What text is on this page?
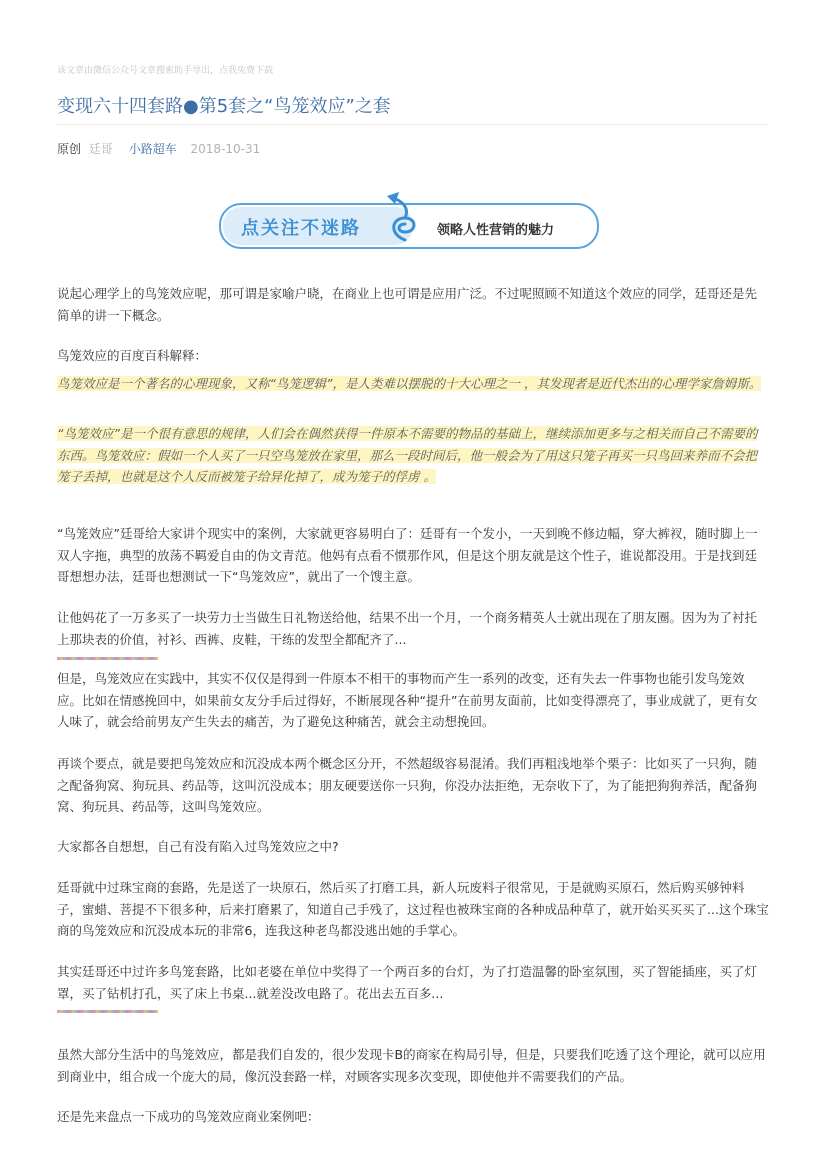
该文章由微信公众号文章搜索助手导出，点我免费下载
变现六十四套路●第5套之“鸟笼效应”之套
原创 廷哥 小路超车 2018-10-31
点关注不迷路	领略人性营销的魅力

说起心理学上的鸟笼效应呢，那可谓是家喻户晓，在商业上也可谓是应用广泛。不过呢照顾不知道这个效应的同学，廷哥还是先简单的讲一下概念。

鸟笼效应的百度百科解释：

鸟笼效应是一个著名的心理现象，又称“鸟笼逻辑”，是人类难以摆脱的十大心理之一 ，其发现者是近代杰出的心理学家詹姆斯。

“鸟笼效应”是一个很有意思的规律，人们会在偶然获得一件原本不需要的物品的基础上，继续添加更多与之相关而自己不需要的东西。鸟笼效应：假如一个人买了一只空鸟笼放在家里，那么一段时间后，他一般会为了用这只笼子再买一只鸟回来养而不会把笼子丢掉，也就是这个人反而被笼子给异化掉了，成为笼子的俘虏 。

“鸟笼效应”廷哥给大家讲个现实中的案例，大家就更容易明白了：廷哥有一个发小，一天到晚不修边幅，穿大裤衩，随时脚上一双人字拖，典型的放荡不羁爱自由的伪文青范。他妈有点看不惯那作风，但是这个朋友就是这个性子，谁说都没用。于是找到廷哥想想办法，廷哥也想测试一下“鸟笼效应”，就出了一个馊主意。

让他妈花了一万多买了一块劳力士当做生日礼物送给他，结果不出一个月，一个商务精英人士就出现在了朋友圈。因为为了衬托上那块表的价值，衬衫、西裤、皮鞋，干练的发型全都配齐了...

但是，鸟笼效应在实践中，其实不仅仅是得到一件原本不相干的事物而产生一系列的改变，还有失去一件事物也能引发鸟笼效应。比如在情感挽回中，如果前女友分手后过得好，不断展现各种“提升”在前男友面前，比如变得漂亮了，事业成就了，更有女人味了，就会给前男友产生失去的痛苦，为了避免这种痛苦，就会主动想挽回。

再谈个要点，就是要把鸟笼效应和沉没成本两个概念区分开，不然超级容易混淆。我们再粗浅地举个栗子：比如买了一只狗，随之配备狗窝、狗玩具、药品等，这叫沉没成本；朋友硬要送你一只狗，你没办法拒绝，无奈收下了，为了能把狗狗养活，配备狗窝、狗玩具、药品等，这叫鸟笼效应。

大家都各自想想，自己有没有陷入过鸟笼效应之中?

廷哥就中过珠宝商的套路，先是送了一块原石，然后买了打磨工具，新人玩废料子很常见，于是就购买原石，然后购买够钟料子，蜜蜡、菩提不下很多种，后来打磨累了，知道自己手残了，这过程也被珠宝商的各种成品种草了，就开始买买买了...这个珠宝商的鸟笼效应和沉没成本玩的非常6，连我这种老鸟都没逃出她的手掌心。

其实廷哥还中过许多鸟笼套路，比如老婆在单位中奖得了一个两百多的台灯，为了打造温馨的卧室氛围，买了智能插座，买了灯罩，买了钻机打孔，买了床上书桌...就差没改电路了。花出去五百多...

虽然大部分生活中的鸟笼效应，都是我们自发的，很少发现卡B的商家在构局引导，但是，只要我们吃透了这个理论，就可以应用到商业中，组合成一个庞大的局，像沉没套路一样，对顾客实现多次变现，即使他并不需要我们的产品。

还是先来盘点一下成功的鸟笼效应商业案例吧：
